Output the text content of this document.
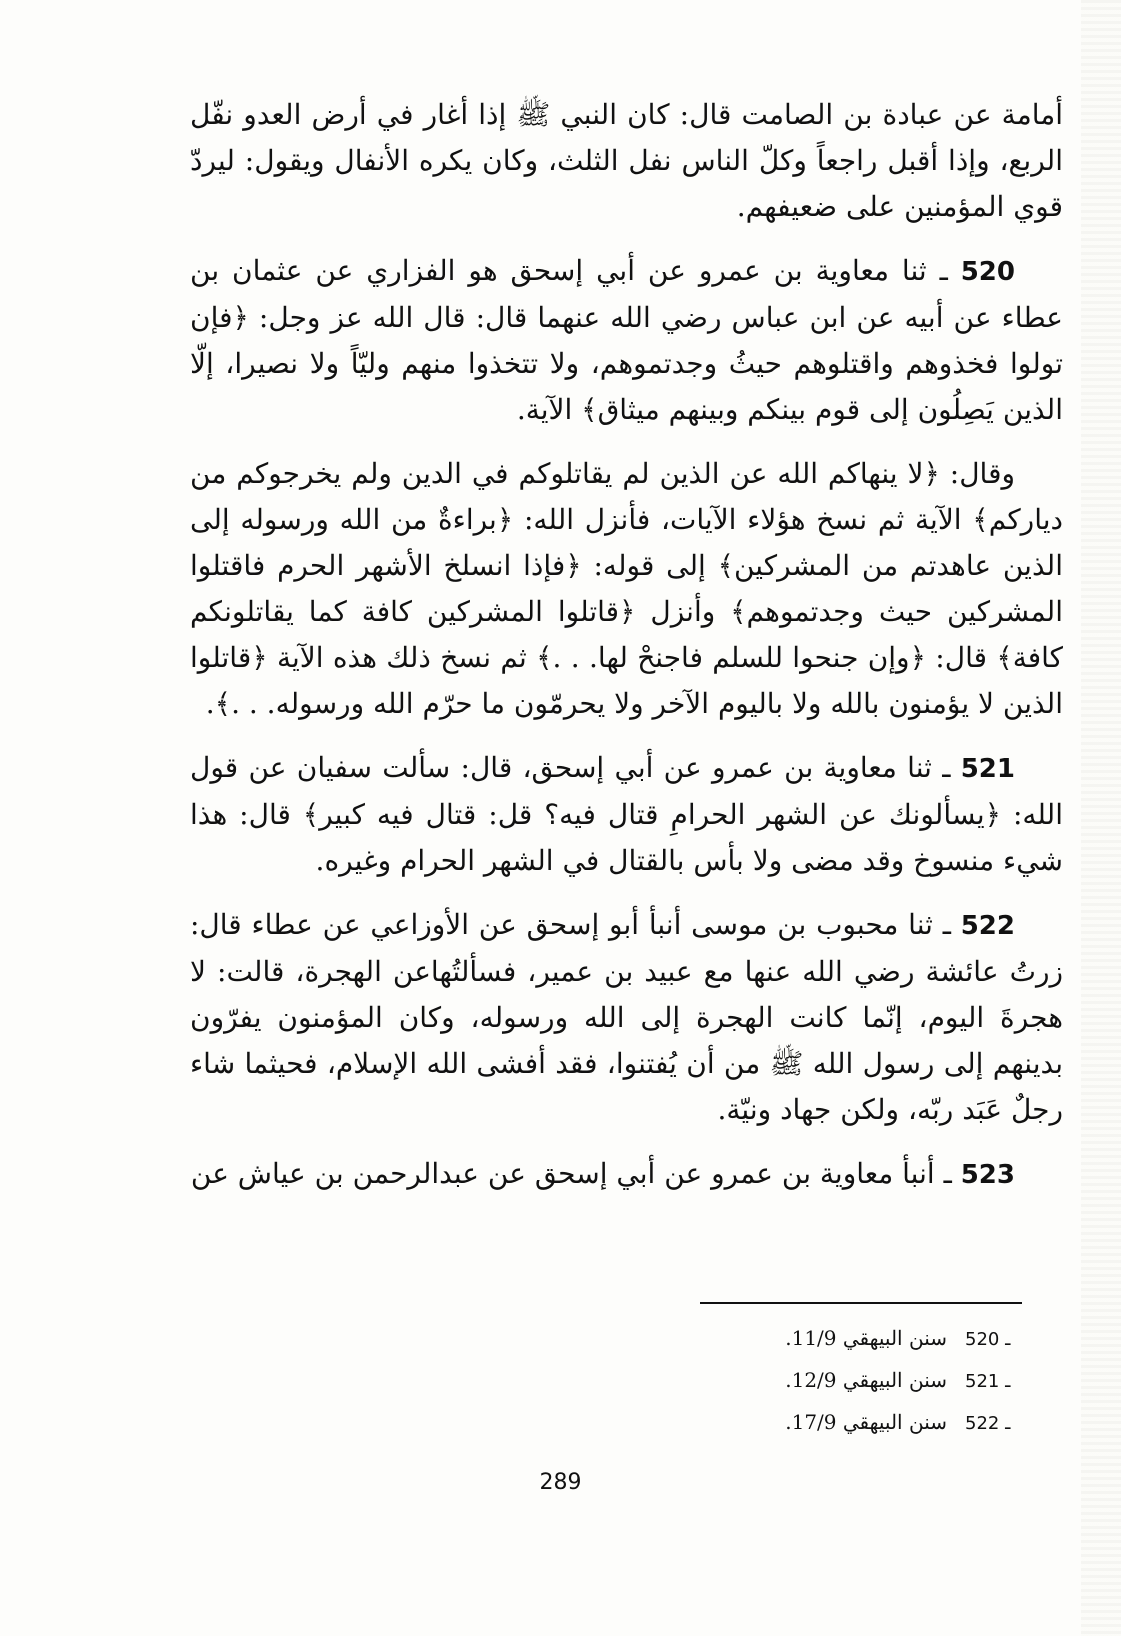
أمامة عن عبادة بن الصامت قال: كان النبي ﷺ إذا أغار في أرض العدو نفّل الربع، وإذا أقبل راجعاً وكلّ الناس نفل الثلث، وكان يكره الأنفال ويقول: ليردّ قوي المؤمنين على ضعيفهم.

520 ـ ثنا معاوية بن عمرو عن أبي إسحق هو الفزاري عن عثمان بن عطاء عن أبيه عن ابن عباس رضي الله عنهما قال: قال الله عز وجل: ﴿فإن تولوا فخذوهم واقتلوهم حيثُ وجدتموهم، ولا تتخذوا منهم وليّاً ولا نصيرا، إلّا الذين يَصِلُون إلى قوم بينكم وبينهم ميثاق﴾ الآية.

وقال: ﴿لا ينهاكم الله عن الذين لم يقاتلوكم في الدين ولم يخرجوكم من دياركم﴾ الآية ثم نسخ هؤلاء الآيات، فأنزل الله: ﴿براءةٌ من الله ورسوله إلى الذين عاهدتم من المشركين﴾ إلى قوله: ﴿فإذا انسلخ الأشهر الحرم فاقتلوا المشركين حيث وجدتموهم﴾ وأنزل ﴿قاتلوا المشركين كافة كما يقاتلونكم كافة﴾ قال: ﴿وإن جنحوا للسلم فاجنحْ لها. . .﴾ ثم نسخ ذلك هذه الآية ﴿قاتلوا الذين لا يؤمنون بالله ولا باليوم الآخر ولا يحرمّون ما حرّم الله ورسوله. . .﴾.

521 ـ ثنا معاوية بن عمرو عن أبي إسحق، قال: سألت سفيان عن قول الله: ﴿يسألونك عن الشهر الحرامِ قتال فيه؟ قل: قتال فيه كبير﴾ قال: هذا شيء منسوخ وقد مضى ولا بأس بالقتال في الشهر الحرام وغيره.

522 ـ ثنا محبوب بن موسى أنبأ أبو إسحق عن الأوزاعي عن عطاء قال: زرتُ عائشة رضي الله عنها مع عبيد بن عمير، فسألتُهاعن الهجرة، قالت: لا هجرةَ اليوم، إنّما كانت الهجرة إلى الله ورسوله، وكان المؤمنون يفرّون بدينهم إلى رسول الله ﷺ من أن يُفتنوا، فقد أفشى الله الإسلام، فحيثما شاء رجلٌ عَبَد ربّه، ولكن جهاد ونيّة.

523 ـ أنبأ معاوية بن عمرو عن أبي إسحق عن عبدالرحمن بن عياش عن

520 ـ
سنن البيهقي 11/9.
521 ـ
سنن البيهقي 12/9.
522 ـ
سنن البيهقي 17/9.
289
